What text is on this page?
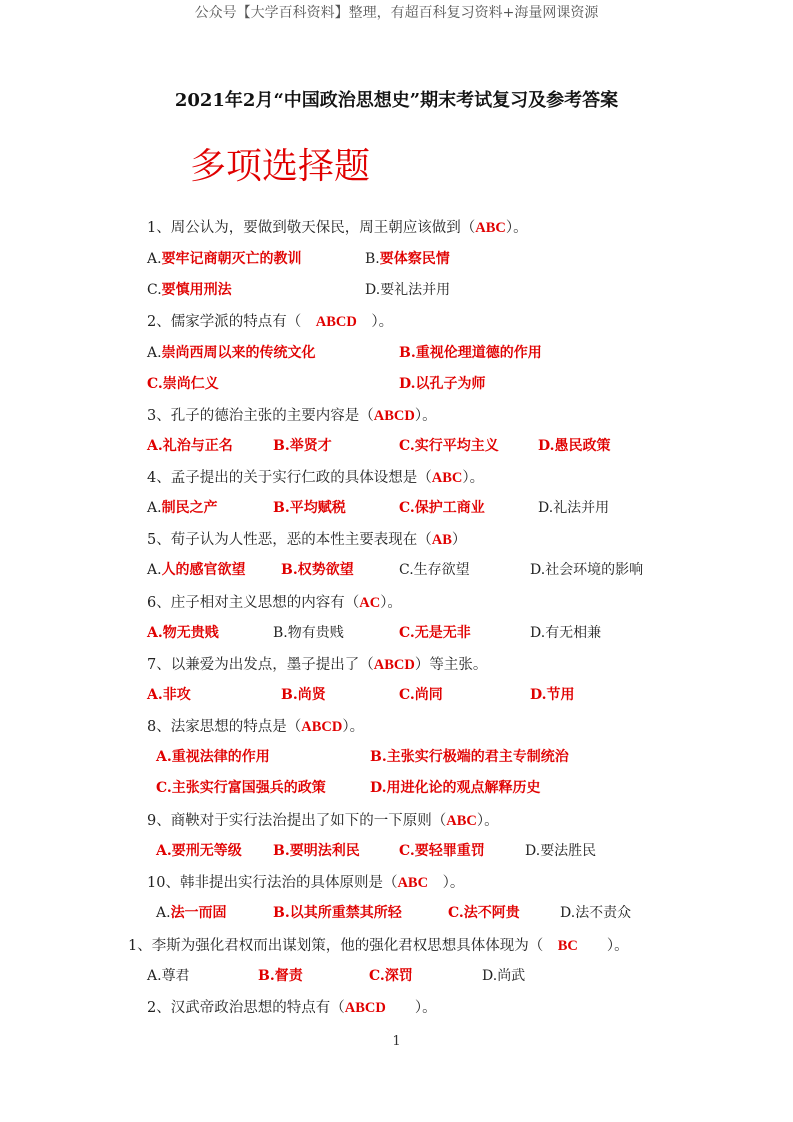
公众号【大学百科资料】整理，有超百科复习资料+海量网课资源
2021年2月“中国政治思想史”期末考试复习及参考答案
多项选择题
1、周公认为，要做到敬天保民，周王朝应该做到（ABC）。
A.要牢记商朝灭亡的教训	B.要体察民情
C.要慎用刑法	D.要礼法并用
2、儒家学派的特点有（　ABCD　）。
A.崇尚西周以来的传统文化	B.重视伦理道德的作用
C.崇尚仁义	D.以孔子为师
3、孔子的德治主张的主要内容是（ABCD）。
A.礼治与正名	B.举贤才	C.实行平均主义	D.愚民政策
4、孟子提出的关于实行仁政的具体设想是（ABC）。
A.制民之产	B.平均赋税	C.保护工商业	D.礼法并用
5、荀子认为人性恶，恶的本性主要表现在（AB）
A.人的感官欲望	B.权势欲望	C.生存欲望	D.社会环境的影响
6、庄子相对主义思想的内容有（AC）。
A.物无贵贱	B.物有贵贱	C.无是无非	D.有无相兼
7、以兼爱为出发点，墨子提出了（ABCD）等主张。
A.非攻	B.尚贤	C.尚同	D.节用
8、法家思想的特点是（ABCD）。
A.重视法律的作用	B.主张实行极端的君主专制统治
C.主张实行富国强兵的政策	D.用进化论的观点解释历史
9、商鞅对于实行法治提出了如下的一下原则（ABC）。
A.要刑无等级 B.要明法利民	C.要轻罪重罚	D.要法胜民
10、韩非提出实行法治的具体原则是（ABC　）。
A.法一而固	B.以其所重禁其所轻	C.法不阿贵	D.法不责众
1、李斯为强化君权而出谋划策，他的强化君权思想具体体现为（　BC　　）。
A.尊君	B.督责	C.深罚	D.尚武
2、汉武帝政治思想的特点有（ABCD　　）。
1
